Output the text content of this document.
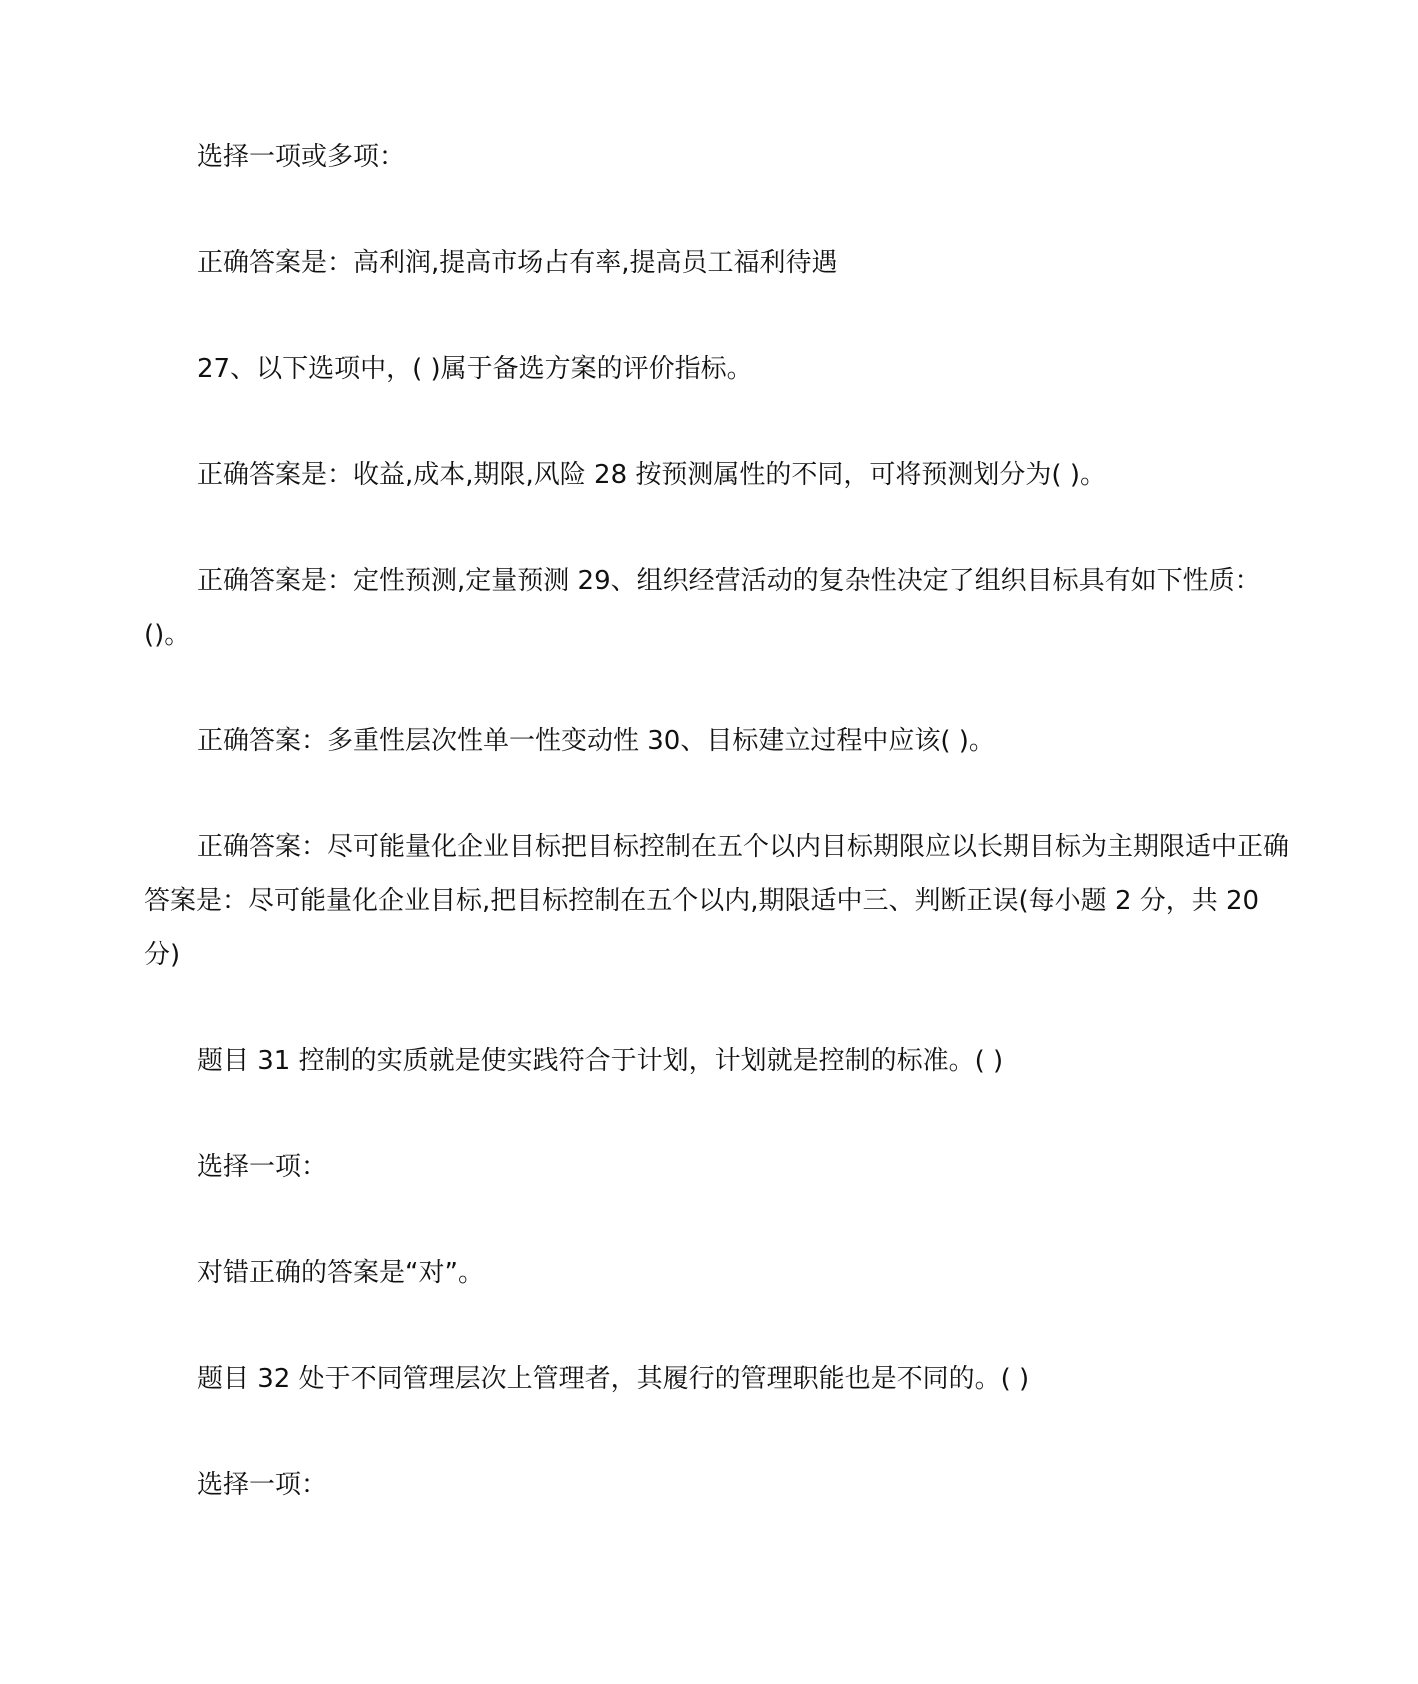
选择一项或多项：

正确答案是：高利润,提高市场占有率,提高员工福利待遇

27、以下选项中，( )属于备选方案的评价指标。

正确答案是：收益,成本,期限,风险 28 按预测属性的不同，可将预测划分为( )。

正确答案是：定性预测,定量预测 29、组织经营活动的复杂性决定了组织目标具有如下性质：()。

正确答案：多重性层次性单一性变动性 30、目标建立过程中应该( )。

正确答案：尽可能量化企业目标把目标控制在五个以内目标期限应以长期目标为主期限适中正确答案是：尽可能量化企业目标,把目标控制在五个以内,期限适中三、判断正误(每小题 2 分，共 20 分)

题目 31 控制的实质就是使实践符合于计划，计划就是控制的标准。( )

选择一项：

对错正确的答案是“对”。

题目 32 处于不同管理层次上管理者，其履行的管理职能也是不同的。( )

选择一项：
